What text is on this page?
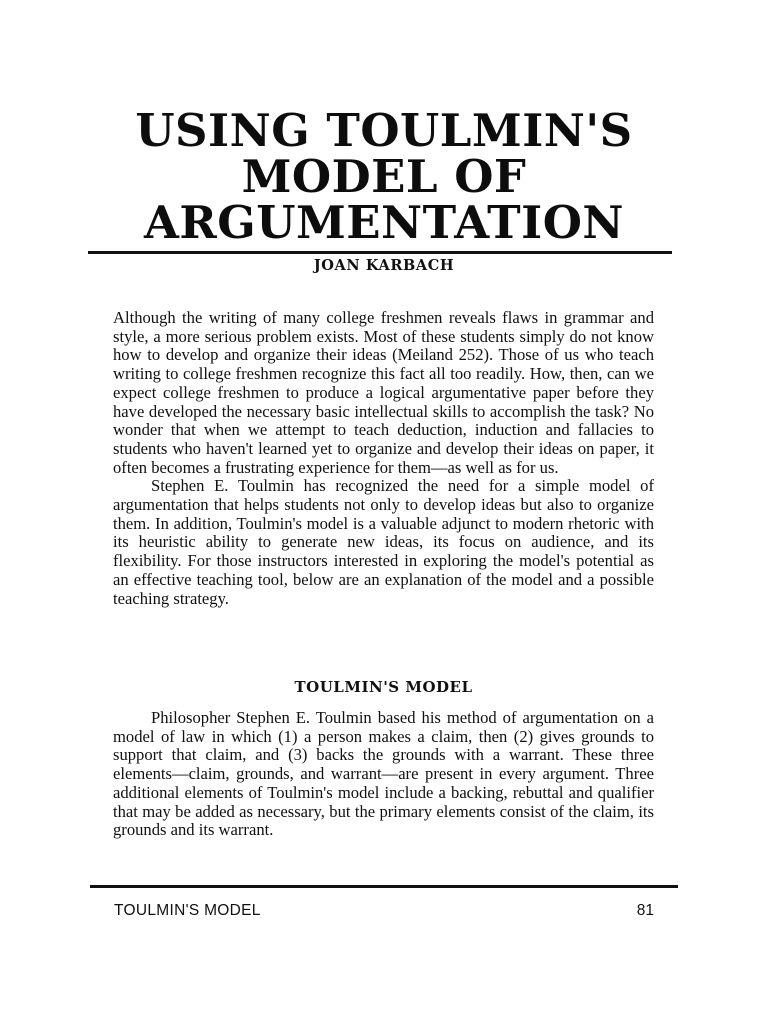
USING TOULMIN'S
MODEL OF
ARGUMENTATION
JOAN KARBACH

Although the writing of many college freshmen reveals flaws in grammar and style, a more serious problem exists. Most of these students simply do not know how to develop and organize their ideas (Meiland 252). Those of us who teach writing to college freshmen recognize this fact all too readily. How, then, can we expect college freshmen to produce a logical argumentative paper before they have developed the necessary basic intellectual skills to accomplish the task? No wonder that when we attempt to teach deduction, induction and fallacies to students who haven't learned yet to organize and develop their ideas on paper, it often becomes a frustrating experience for them—as well as for us.

Stephen E. Toulmin has recognized the need for a simple model of argumentation that helps students not only to develop ideas but also to organize them. In addition, Toulmin's model is a valuable adjunct to modern rhetoric with its heuristic ability to generate new ideas, its focus on audience, and its flexibility. For those instructors interested in exploring the model's potential as an effective teaching tool, below are an explanation of the model and a possible teaching strategy.

TOULMIN'S MODEL

Philosopher Stephen E. Toulmin based his method of argumentation on a model of law in which (1) a person makes a claim, then (2) gives grounds to support that claim, and (3) backs the grounds with a warrant. These three elements—claim, grounds, and warrant—are present in every argument. Three additional elements of Toulmin's model include a backing, rebuttal and qualifier that may be added as necessary, but the primary elements consist of the claim, its grounds and its warrant.

TOULMIN'S MODEL	81
